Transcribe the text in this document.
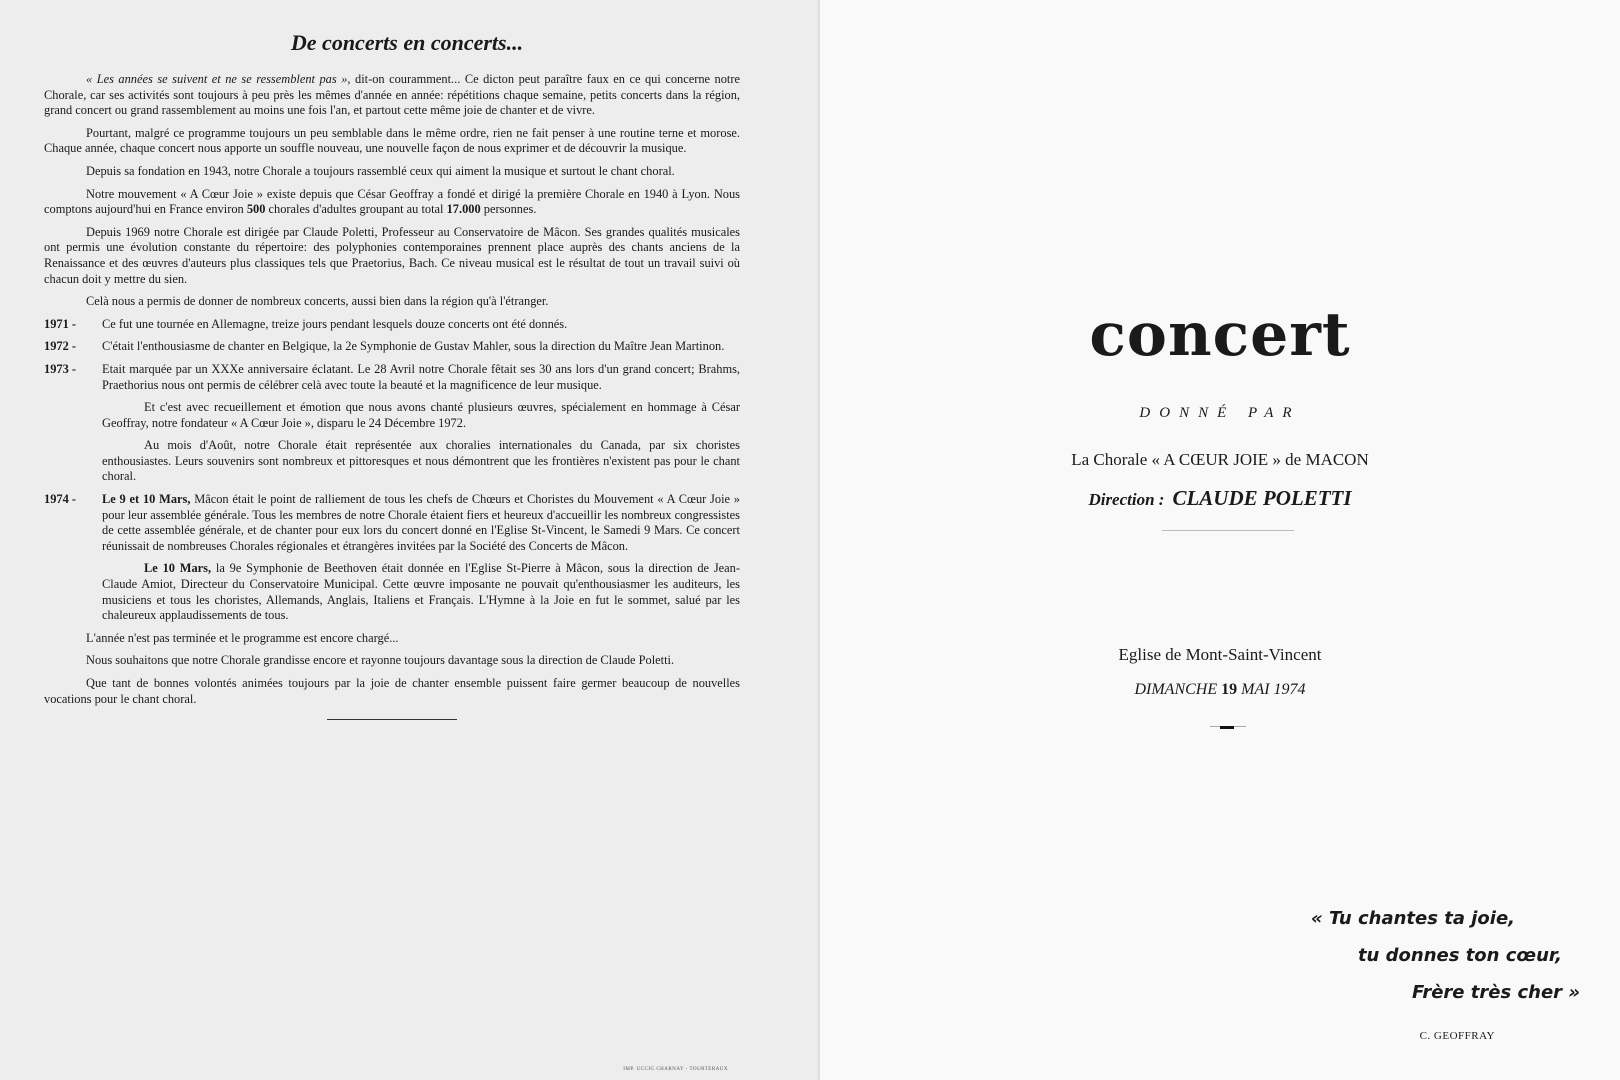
De concerts en concerts...

« Les années se suivent et ne se ressemblent pas », dit-on couramment... Ce dicton peut paraître faux en ce qui concerne notre Chorale, car ses activités sont toujours à peu près les mêmes d'année en année: répétitions chaque semaine, petits concerts dans la région, grand concert ou grand rassemblement au moins une fois l'an, et partout cette même joie de chanter et de vivre.

Pourtant, malgré ce programme toujours un peu semblable dans le même ordre, rien ne fait penser à une routine terne et morose. Chaque année, chaque concert nous apporte un souffle nouveau, une nouvelle façon de nous exprimer et de découvrir la musique.

Depuis sa fondation en 1943, notre Chorale a toujours rassemblé ceux qui aiment la musique et surtout le chant choral.

Notre mouvement « A Cœur Joie » existe depuis que César Geoffray a fondé et dirigé la première Chorale en 1940 à Lyon. Nous comptons aujourd'hui en France environ 500 chorales d'adultes groupant au total 17.000 personnes.

Depuis 1969 notre Chorale est dirigée par Claude Poletti, Professeur au Conservatoire de Mâcon. Ses grandes qualités musicales ont permis une évolution constante du répertoire: des polyphonies contemporaines prennent place auprès des chants anciens de la Renaissance et des œuvres d'auteurs plus classiques tels que Praetorius, Bach. Ce niveau musical est le résultat de tout un travail suivi où chacun doit y mettre du sien.

Celà nous a permis de donner de nombreux concerts, aussi bien dans la région qu'à l'étranger.

1971 -	Ce fut une tournée en Allemagne, treize jours pendant lesquels douze concerts ont été donnés.
1972 -	C'était l'enthousiasme de chanter en Belgique, la 2e Symphonie de Gustav Mahler, sous la direction du Maître Jean Martinon.
1973 -	Etait marquée par un XXXe anniversaire éclatant. Le 28 Avril notre Chorale fêtait ses 30 ans lors d'un grand concert; Brahms, Praethorius nous ont permis de célébrer celà avec toute la beauté et la magnificence de leur musique.

Et c'est avec recueillement et émotion que nous avons chanté plusieurs œuvres, spécialement en hommage à César Geoffray, notre fondateur « A Cœur Joie », disparu le 24 Décembre 1972.

Au mois d'Août, notre Chorale était représentée aux choralies internationales du Canada, par six choristes enthousiastes. Leurs souvenirs sont nombreux et pittoresques et nous démontrent que les frontières n'existent pas pour le chant choral.

1974 -	Le 9 et 10 Mars, Mâcon était le point de ralliement de tous les chefs de Chœurs et Choristes du Mouvement « A Cœur Joie » pour leur assemblée générale. Tous les membres de notre Chorale étaient fiers et heureux d'accueillir les nombreux congressistes de cette assemblée générale, et de chanter pour eux lors du concert donné en l'Eglise St-Vincent, le Samedi 9 Mars. Ce concert réunissait de nombreuses Chorales régionales et étrangères invitées par la Société des Concerts de Mâcon.

Le 10 Mars, la 9e Symphonie de Beethoven était donnée en l'Eglise St-Pierre à Mâcon, sous la direction de Jean-Claude Amiot, Directeur du Conservatoire Municipal. Cette œuvre imposante ne pouvait qu'enthousiasmer les auditeurs, les musiciens et tous les choristes, Allemands, Anglais, Italiens et Français. L'Hymne à la Joie en fut le sommet, salué par les chaleureux applaudissements de tous.

L'année n'est pas terminée et le programme est encore chargé...

Nous souhaitons que notre Chorale grandisse encore et rayonne toujours davantage sous la direction de Claude Poletti.

Que tant de bonnes volontés animées toujours par la joie de chanter ensemble puissent faire germer beaucoup de nouvelles vocations pour le chant choral.

IMP. UCCIG CHARNAY - TOURTERAUX
concert
DONNÉ PAR
La Chorale « A CŒUR JOIE » de MACON
Direction : CLAUDE POLETTI
Eglise de Mont-Saint-Vincent
DIMANCHE 19 MAI 1974
« Tu chantes ta joie,
tu donnes ton cœur,
Frère très cher »
C. GEOFFRAY
